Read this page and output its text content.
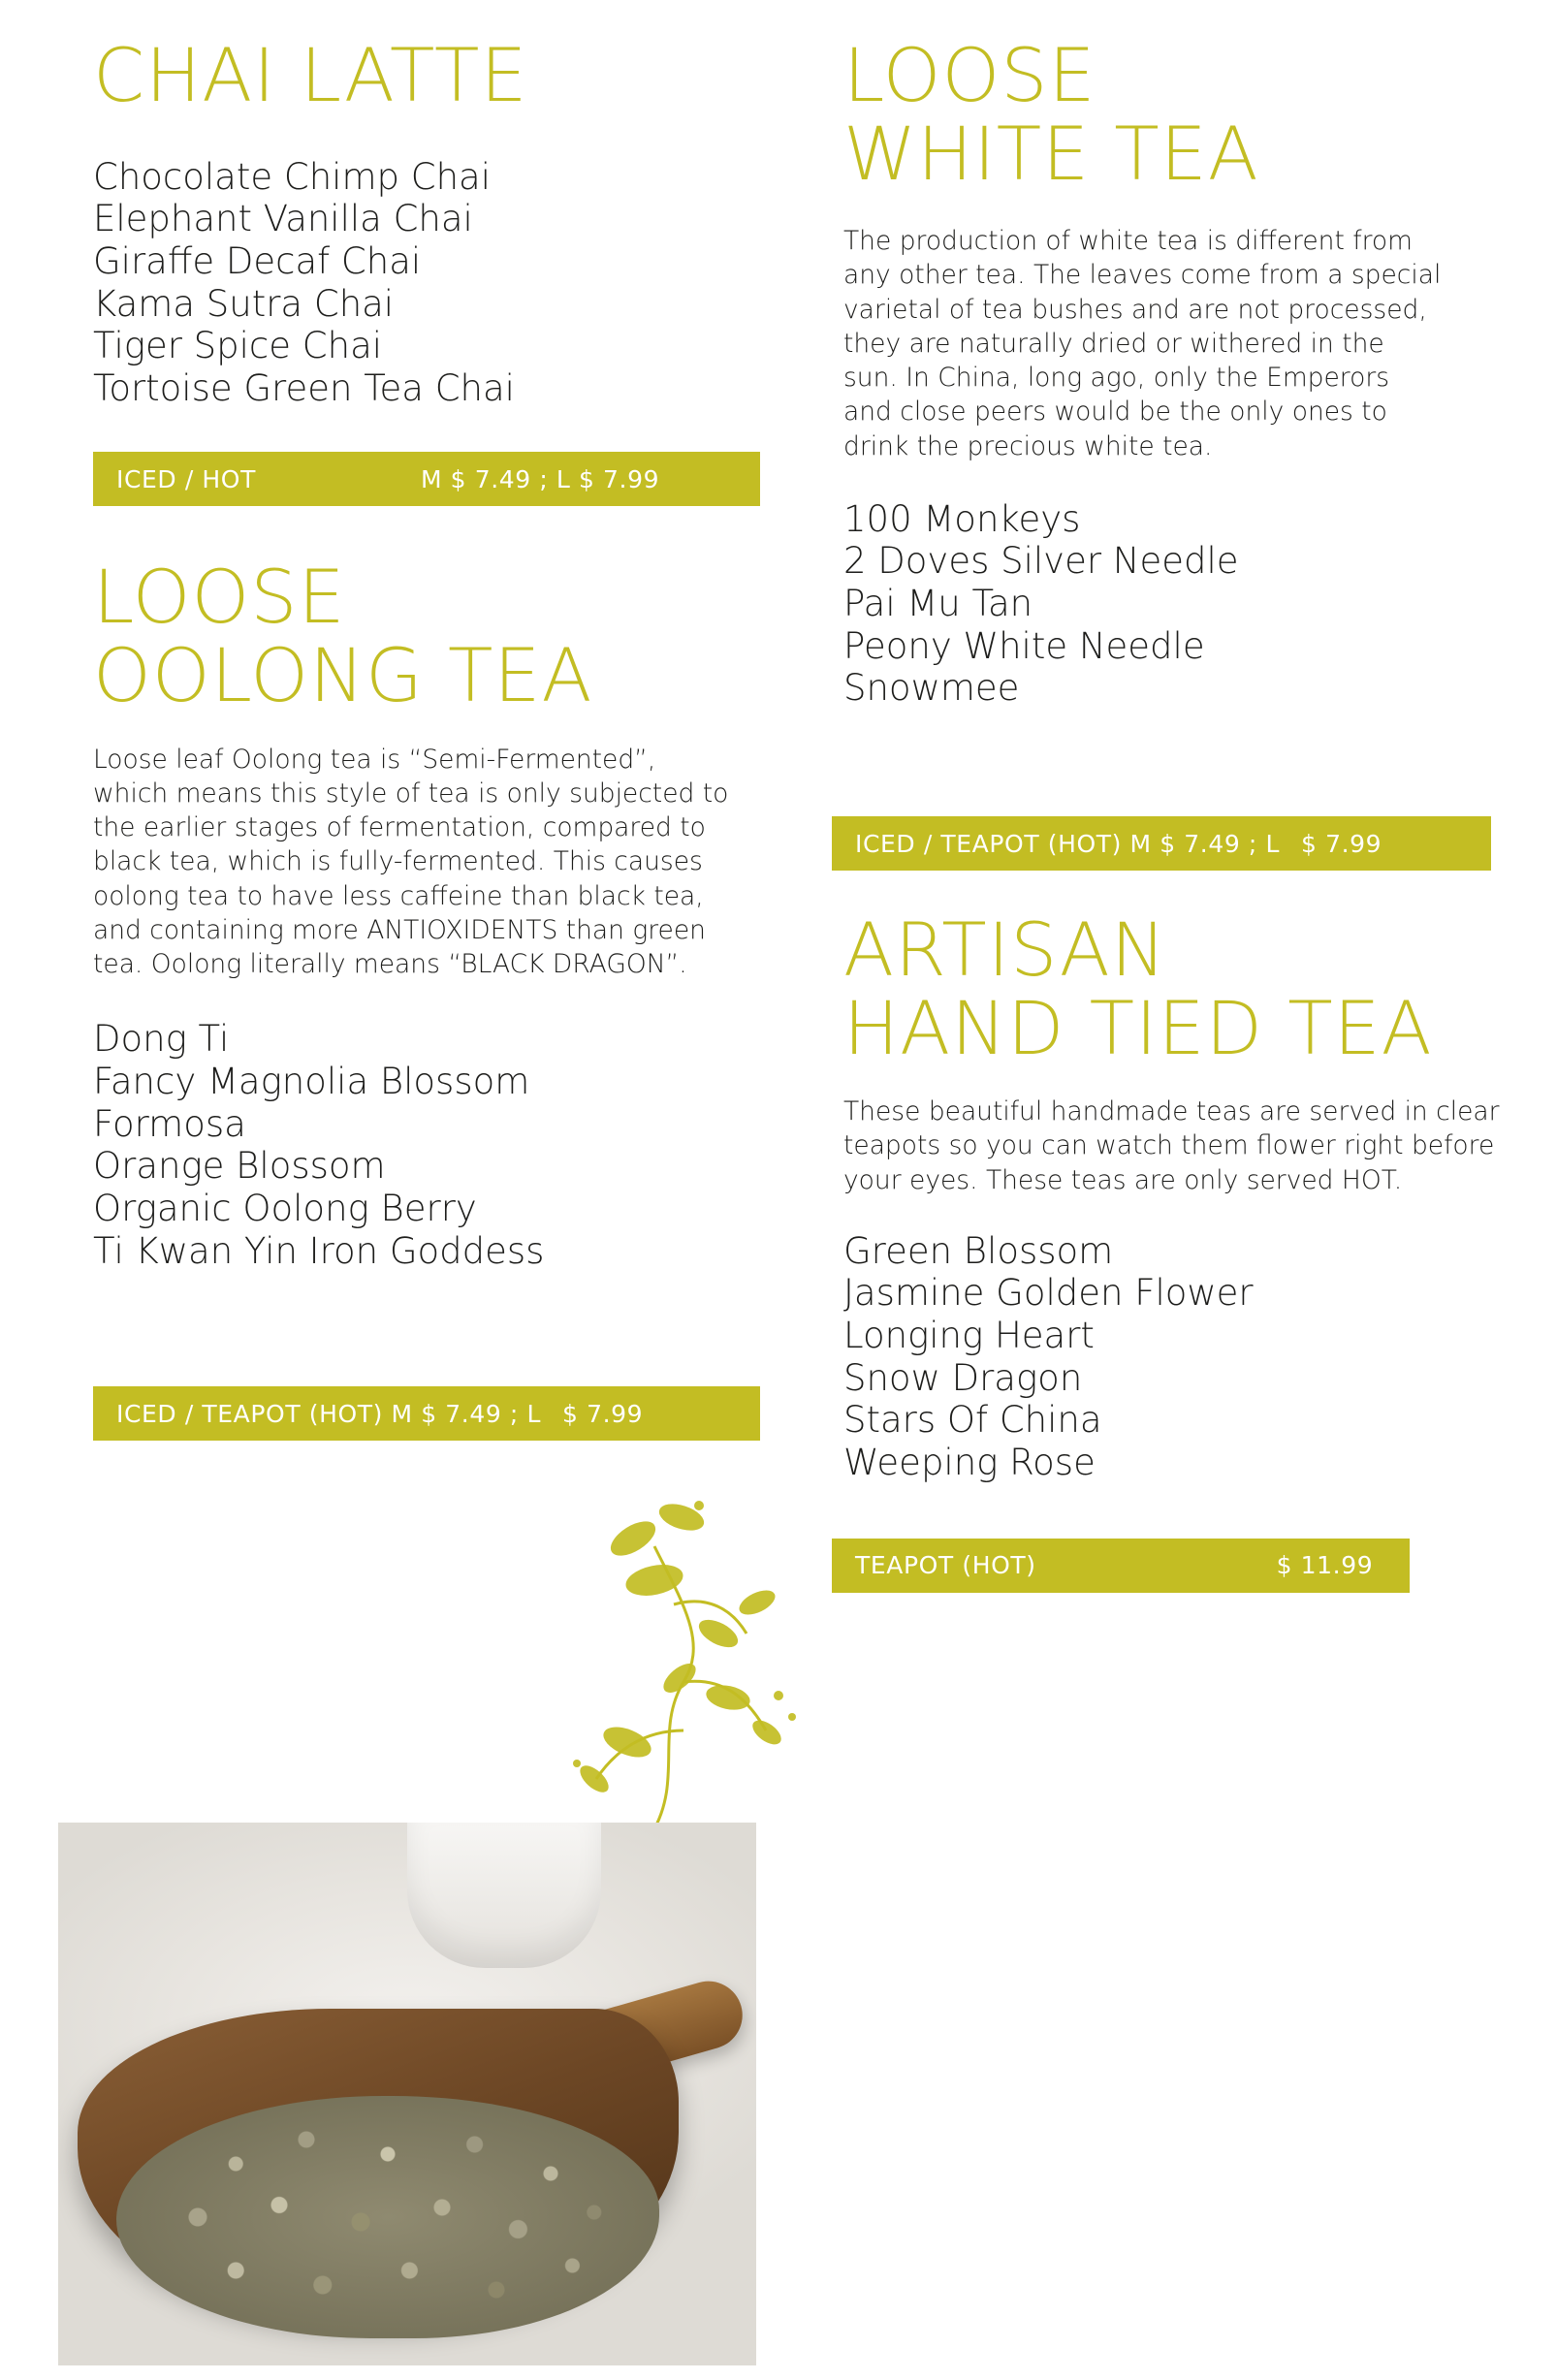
CHAI LATTE
Chocolate Chimp Chai
Elephant Vanilla Chai
Giraffe Decaf Chai
Kama Sutra Chai
Tiger Spice Chai
Tortoise Green Tea Chai
ICED / HOT	M $ 7.49 ; L $ 7.99
LOOSE
OOLONG TEA

Loose leaf Oolong tea is “Semi-Fermented”, which means this style of tea is only subjected to the earlier stages of fermentation, compared to black tea, which is fully-fermented. This causes oolong tea to have less caffeine than black tea, and containing more ANTIOXIDENTS than green tea. Oolong literally means “BLACK DRAGON”.

Dong Ti
Fancy Magnolia Blossom
Formosa
Orange Blossom
Organic Oolong Berry
Ti Kwan Yin Iron Goddess
ICED / TEAPOT (HOT) M $ 7.49 ; L $ 7.99
LOOSE
WHITE TEA

The production of white tea is different from any other tea. The leaves come from a special varietal of tea bushes and are not processed, they are naturally dried or withered in the sun. In China, long ago, only the Emperors and close peers would be the only ones to drink the precious white tea.

100 Monkeys
2 Doves Silver Needle
Pai Mu Tan
Peony White Needle
Snowmee
ICED / TEAPOT (HOT) M $ 7.49 ; L $ 7.99
ARTISAN
HAND TIED TEA

These beautiful handmade teas are served in clear teapots so you can watch them flower right before your eyes. These teas are only served HOT.

Green Blossom
Jasmine Golden Flower
Longing Heart
Snow Dragon
Stars Of China
Weeping Rose
TEAPOT (HOT)	$ 11.99
